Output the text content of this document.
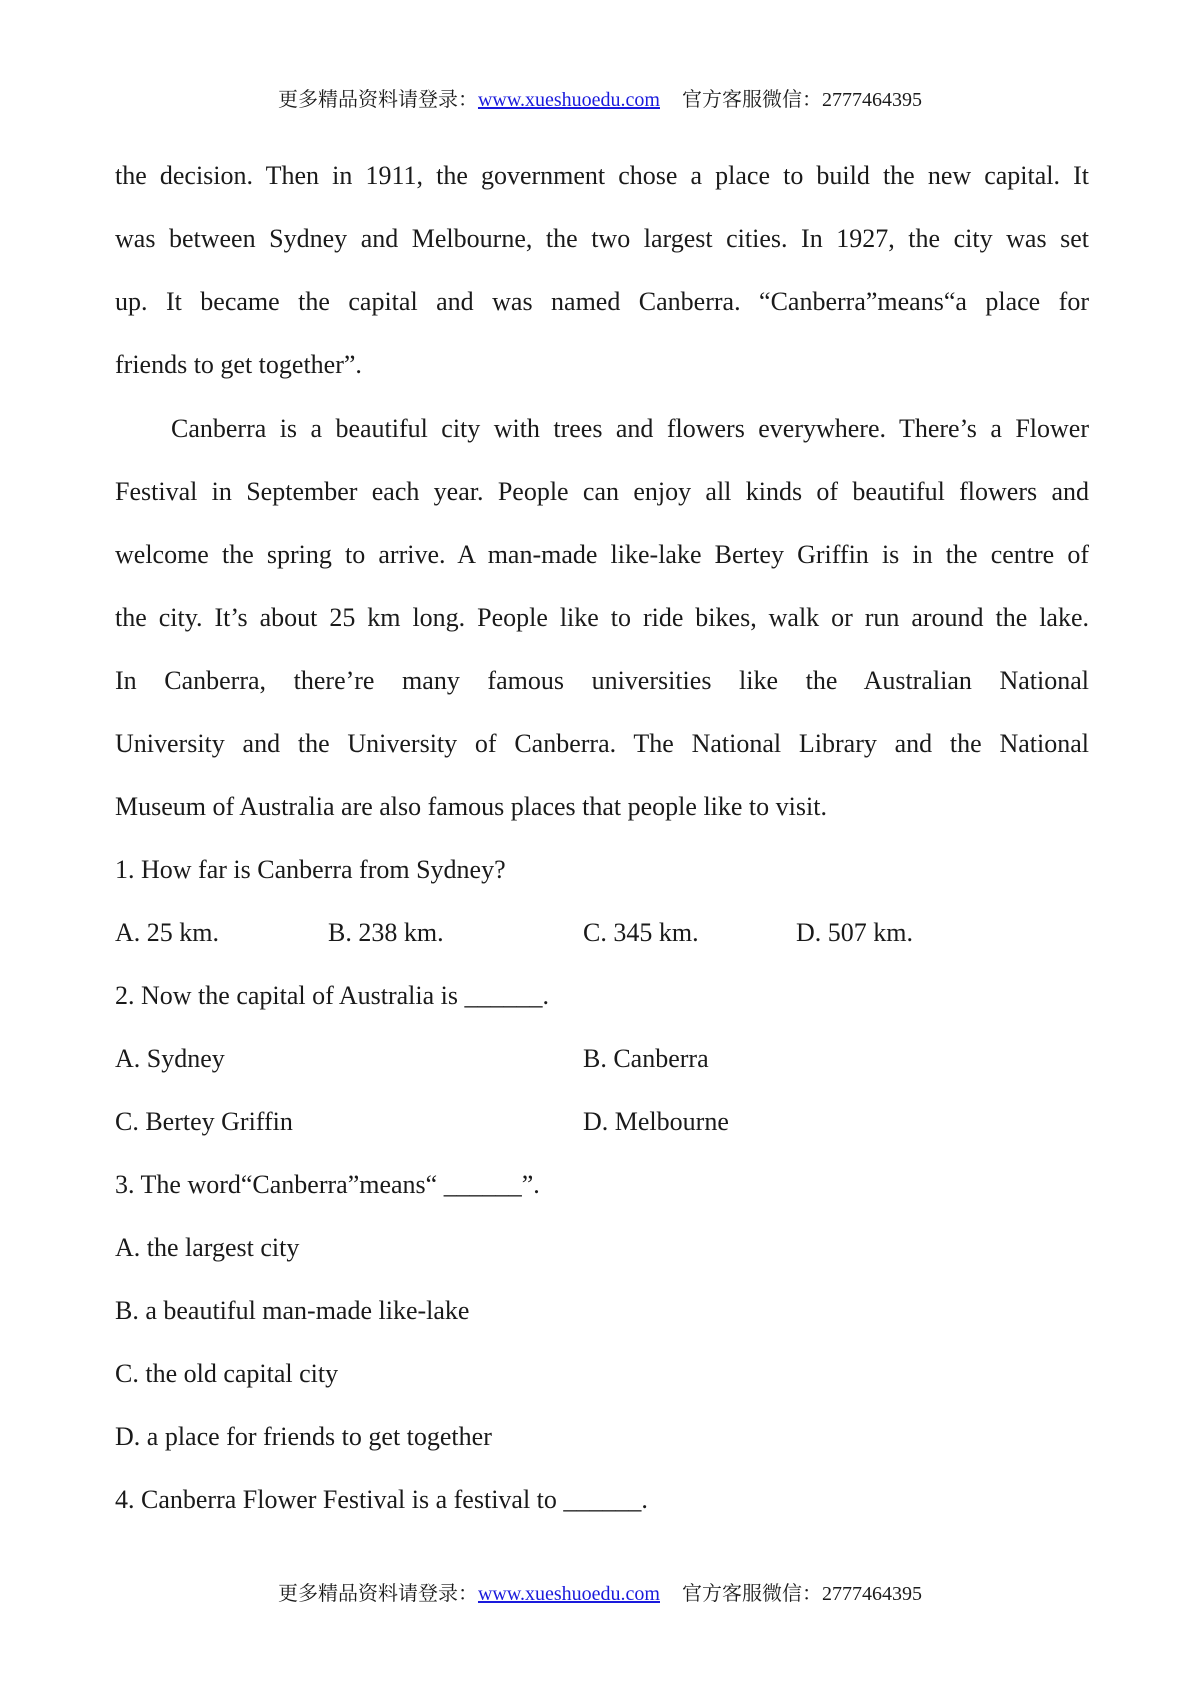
更多精品资料请登录：www.xueshuoedu.com 官方客服微信：2777464395
the decision. Then in 1911, the government chose a place to build the new capital. It
was between Sydney and Melbourne, the two largest cities. In 1927, the city was set
up. It became the capital and was named Canberra. “Canberra”means“a place for
friends to get together”.
Canberra is a beautiful city with trees and flowers everywhere. There’s a Flower
Festival in September each year. People can enjoy all kinds of beautiful flowers and
welcome the spring to arrive. A man-made like-lake Bertey Griffin is in the centre of
the city. It’s about 25 km long. People like to ride bikes, walk or run around the lake.
In Canberra, there’re many famous universities like the Australian National
University and the University of Canberra. The National Library and the National
Museum of Australia are also famous places that people like to visit.
1. How far is Canberra from Sydney?
A. 25 km.	B. 238 km.	C. 345 km.	D. 507 km.
2. Now the capital of Australia is ______.
A. Sydney	B. Canberra
C. Bertey Griffin	D. Melbourne
3. The word“Canberra”means“ ______”.
A. the largest city
B. a beautiful man-made like-lake
C. the old capital city
D. a place for friends to get together
4. Canberra Flower Festival is a festival to ______.
更多精品资料请登录：www.xueshuoedu.com 官方客服微信：2777464395
